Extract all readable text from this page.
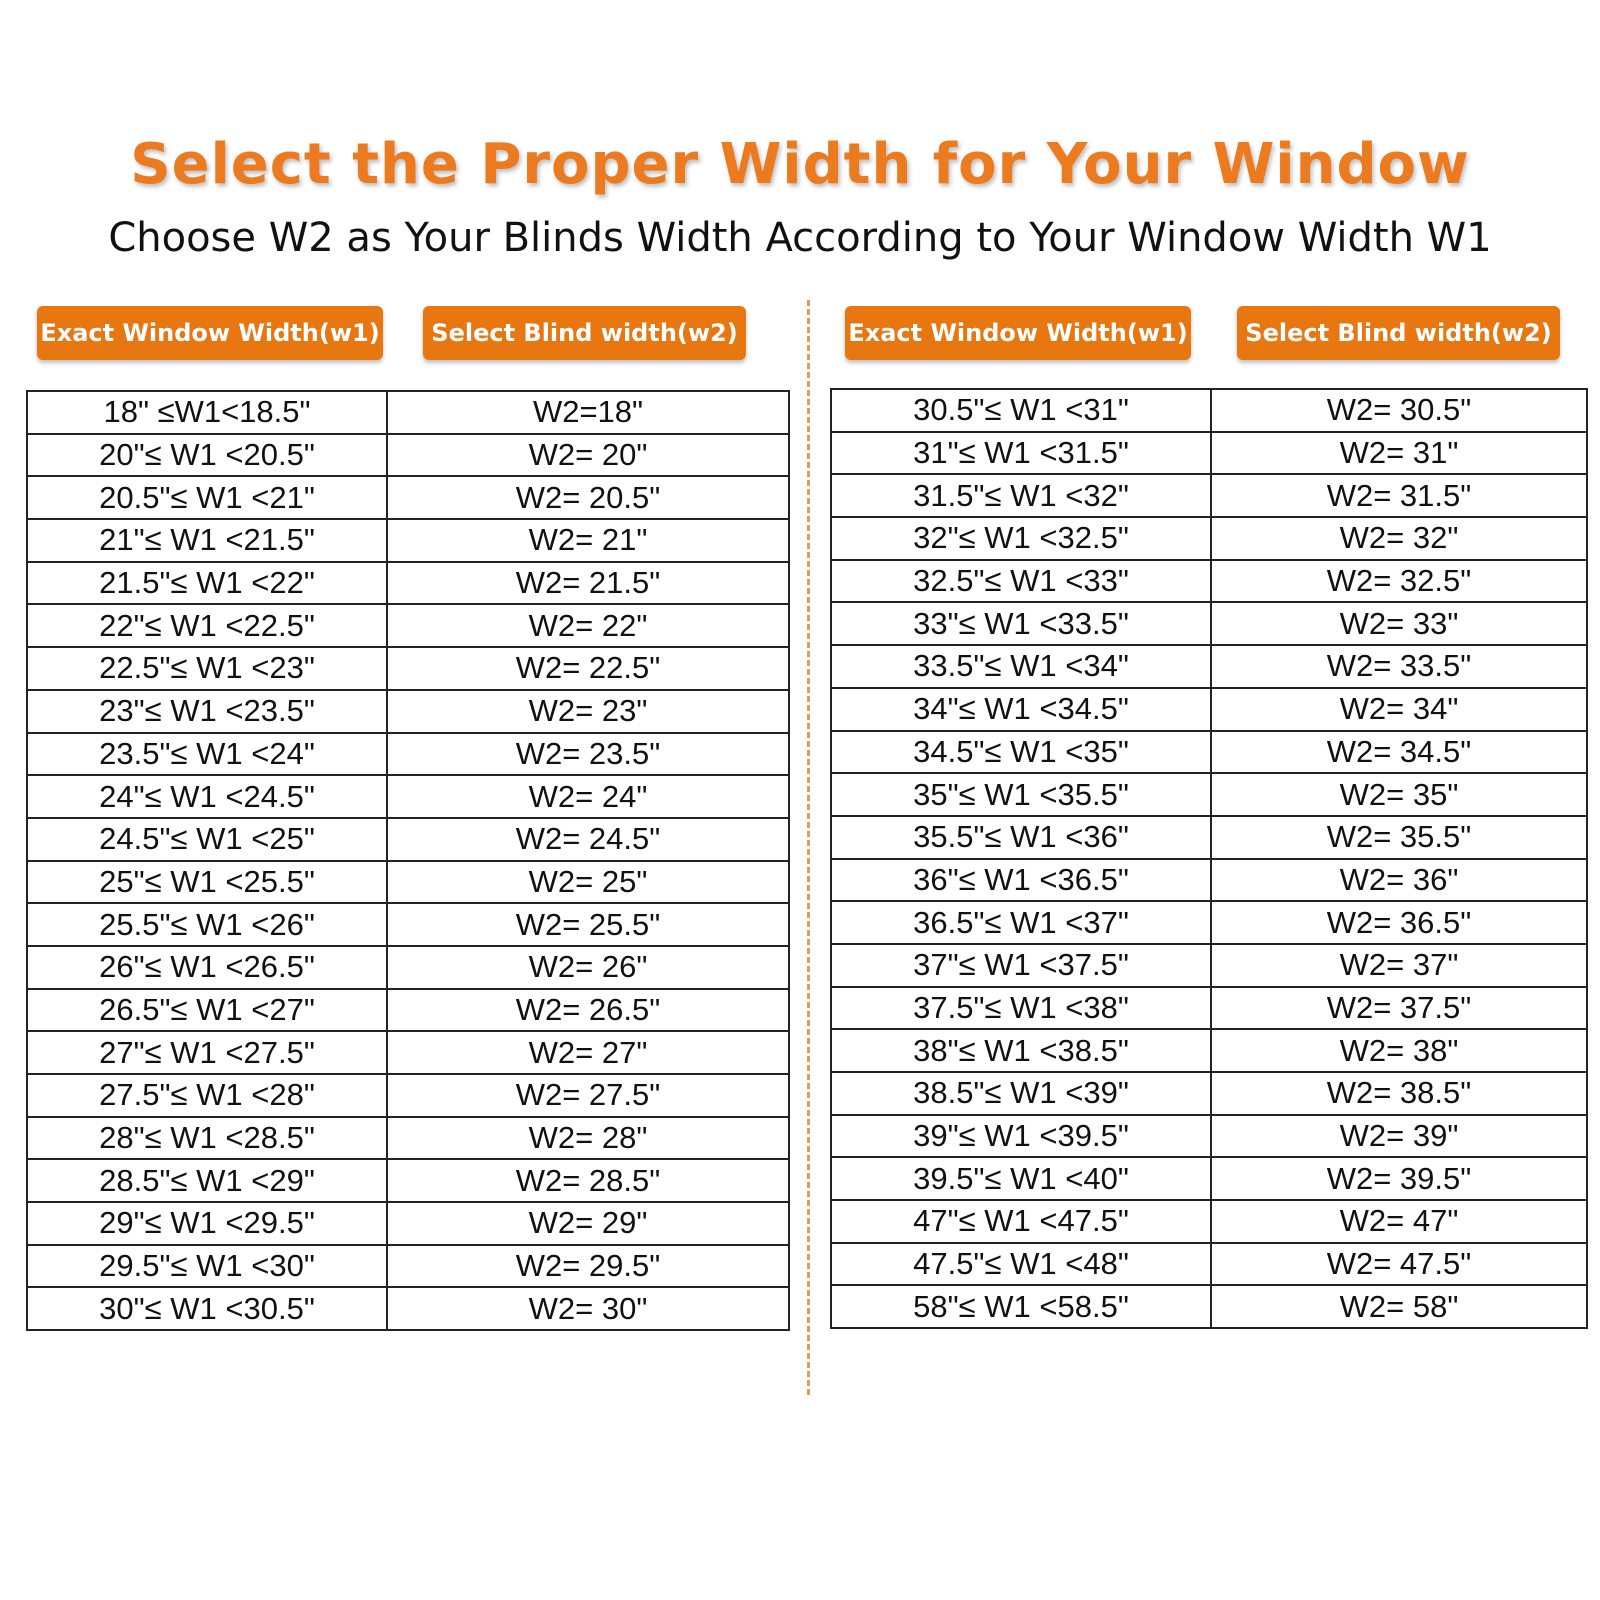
Select the Proper Width for Your Window
Choose W2 as Your Blinds Width According to Your Window Width W1
Exact Window Width(w1)	Select Blind width(w2)	Exact Window Width(w1)	Select Blind width(w2)
18" ≤W1<18.5"	W2=18"
20"≤ W1 <20.5"	W2= 20"
20.5"≤ W1 <21"	W2= 20.5"
21"≤ W1 <21.5"	W2= 21"
21.5"≤ W1 <22"	W2= 21.5"
22"≤ W1 <22.5"	W2= 22"
22.5"≤ W1 <23"	W2= 22.5"
23"≤ W1 <23.5"	W2= 23"
23.5"≤ W1 <24"	W2= 23.5"
24"≤ W1 <24.5"	W2= 24"
24.5"≤ W1 <25"	W2= 24.5"
25"≤ W1 <25.5"	W2= 25"
25.5"≤ W1 <26"	W2= 25.5"
26"≤ W1 <26.5"	W2= 26"
26.5"≤ W1 <27"	W2= 26.5"
27"≤ W1 <27.5"	W2= 27"
27.5"≤ W1 <28"	W2= 27.5"
28"≤ W1 <28.5"	W2= 28"
28.5"≤ W1 <29"	W2= 28.5"
29"≤ W1 <29.5"	W2= 29"
29.5"≤ W1 <30"	W2= 29.5"
30"≤ W1 <30.5"	W2= 30"
30.5"≤ W1 <31"	W2= 30.5"
31"≤ W1 <31.5"	W2= 31"
31.5"≤ W1 <32"	W2= 31.5"
32"≤ W1 <32.5"	W2= 32"
32.5"≤ W1 <33"	W2= 32.5"
33"≤ W1 <33.5"	W2= 33"
33.5"≤ W1 <34"	W2= 33.5"
34"≤ W1 <34.5"	W2= 34"
34.5"≤ W1 <35"	W2= 34.5"
35"≤ W1 <35.5"	W2= 35"
35.5"≤ W1 <36"	W2= 35.5"
36"≤ W1 <36.5"	W2= 36"
36.5"≤ W1 <37"	W2= 36.5"
37"≤ W1 <37.5"	W2= 37"
37.5"≤ W1 <38"	W2= 37.5"
38"≤ W1 <38.5"	W2= 38"
38.5"≤ W1 <39"	W2= 38.5"
39"≤ W1 <39.5"	W2= 39"
39.5"≤ W1 <40"	W2= 39.5"
47"≤ W1 <47.5"	W2= 47"
47.5"≤ W1 <48"	W2= 47.5"
58"≤ W1 <58.5"	W2= 58"
